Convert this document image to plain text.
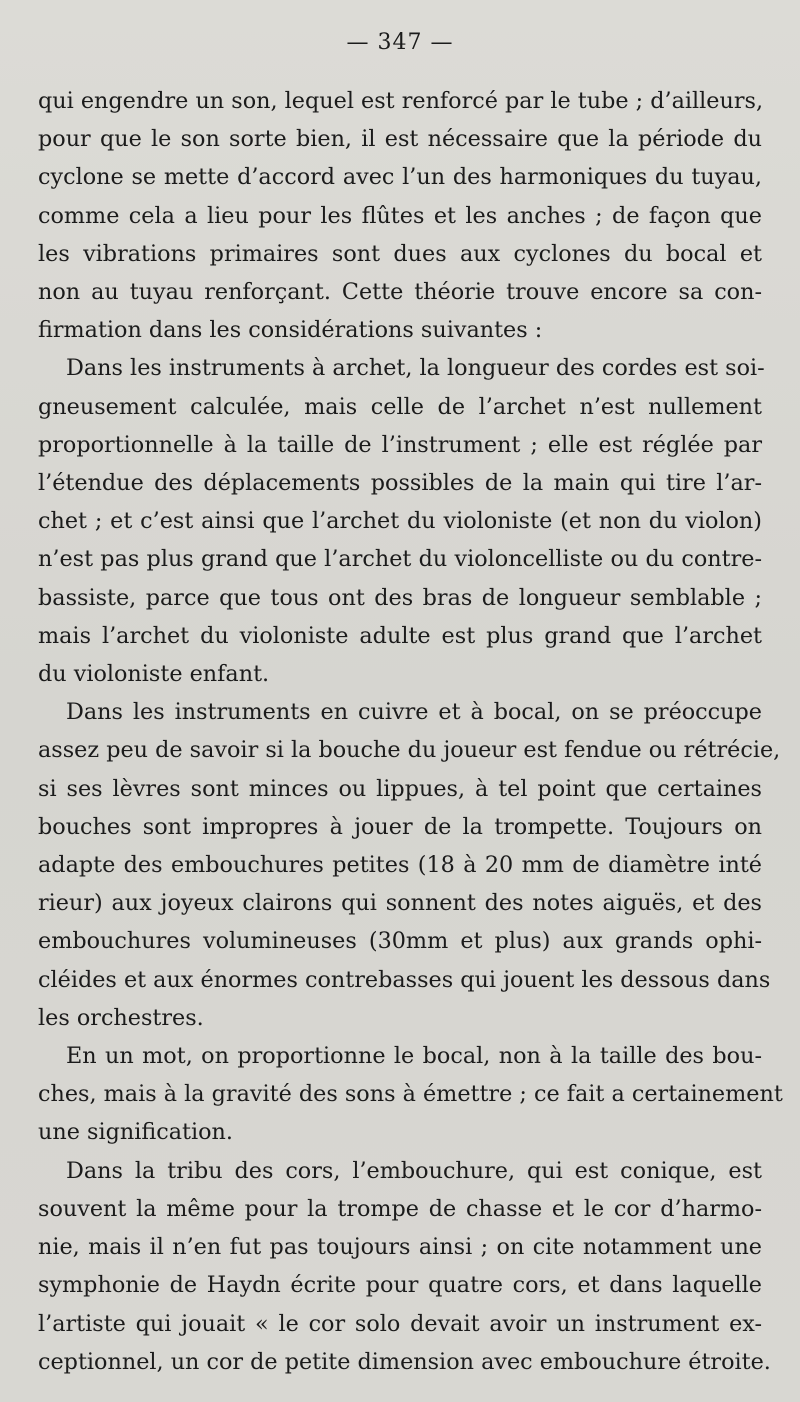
— 347 —
qui engendre un son, lequel est renforcé par le tube ; d’ailleurs,
pour que le son sorte bien, il est nécessaire que la période du
cyclone se mette d’accord avec l’un des harmoniques du tuyau,
comme cela a lieu pour les flûtes et les anches ; de façon que
les vibrations primaires sont dues aux cyclones du bocal et
non au tuyau renforçant. Cette théorie trouve encore sa con-
firmation dans les considérations suivantes :
Dans les instruments à archet, la longueur des cordes est soi-
gneusement calculée, mais celle de l’archet n’est nullement
proportionnelle à la taille de l’instrument ; elle est réglée par
l’étendue des déplacements possibles de la main qui tire l’ar-
chet ; et c’est ainsi que l’archet du violoniste (et non du violon)
n’est pas plus grand que l’archet du violoncelliste ou du contre-
bassiste, parce que tous ont des bras de longueur semblable ;
mais l’archet du violoniste adulte est plus grand que l’archet
du violoniste enfant.
Dans les instruments en cuivre et à bocal, on se préoccupe
assez peu de savoir si la bouche du joueur est fendue ou rétrécie,
si ses lèvres sont minces ou lippues, à tel point que certaines
bouches sont impropres à jouer de la trompette. Toujours on
adapte des embouchures petites (18 à 20 mm de diamètre inté
rieur) aux joyeux clairons qui sonnent des notes aiguës, et des
embouchures volumineuses (30mm et plus) aux grands ophi-
cléides et aux énormes contrebasses qui jouent les dessous dans
les orchestres.
En un mot, on proportionne le bocal, non à la taille des bou-
ches, mais à la gravité des sons à émettre ; ce fait a certainement
une signification.
Dans la tribu des cors, l’embouchure, qui est conique, est
souvent la même pour la trompe de chasse et le cor d’harmo-
nie, mais il n’en fut pas toujours ainsi ; on cite notamment une
symphonie de Haydn écrite pour quatre cors, et dans laquelle
l’artiste qui jouait « le cor solo devait avoir un instrument ex-
ceptionnel, un cor de petite dimension avec embouchure étroite.
